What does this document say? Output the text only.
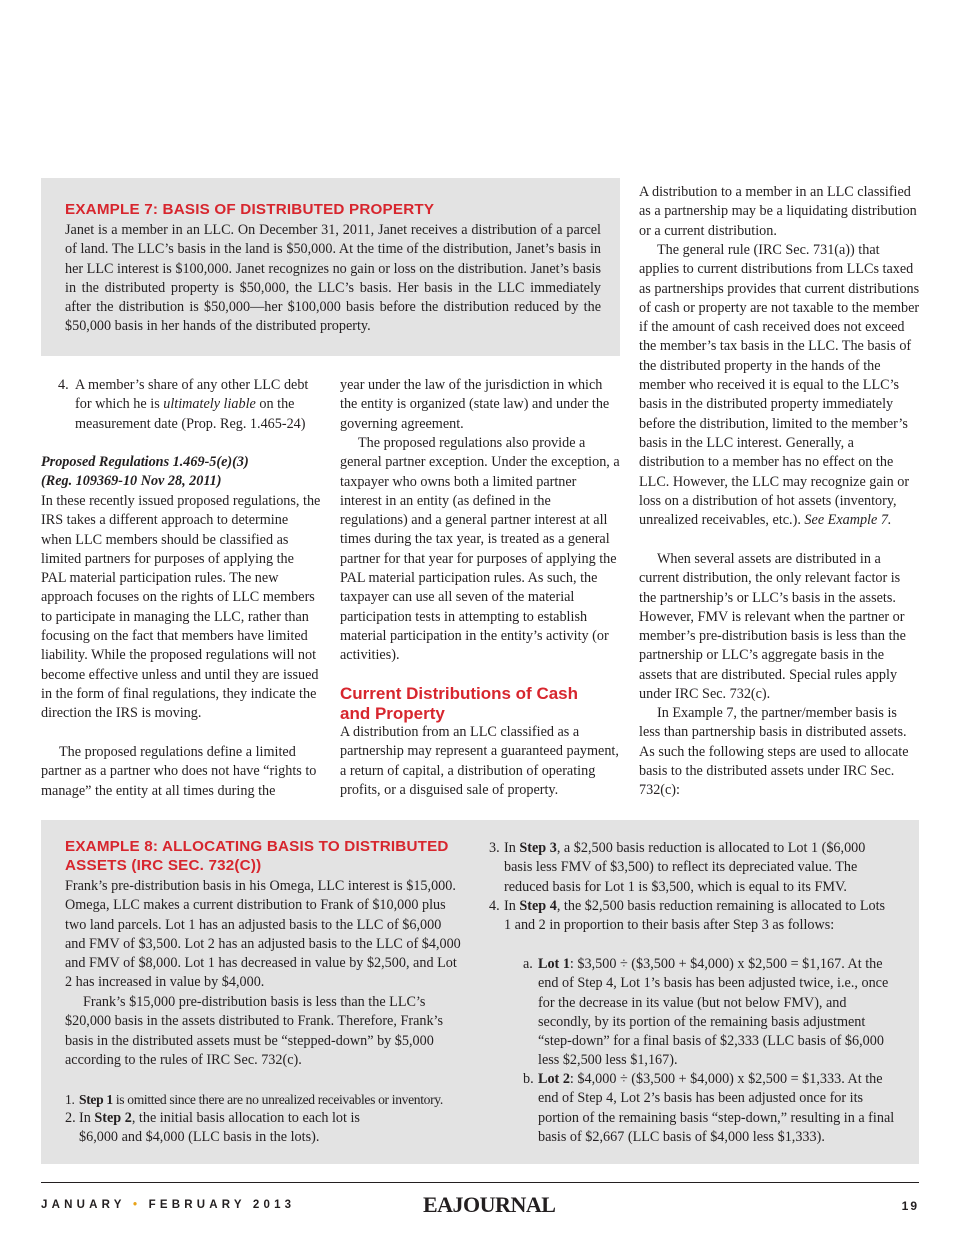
EXAMPLE 7: BASIS OF DISTRIBUTED PROPERTY

Janet is a member in an LLC. On December 31, 2011, Janet receives a distribution of a parcel of land. The LLC’s basis in the land is $50,000. At the time of the distribution, Janet’s basis in her LLC interest is $100,000. Janet recognizes no gain or loss on the distribution. Janet’s basis in the distributed property is $50,000, the LLC’s basis. Her basis in the LLC immediately after the distribution is $50,000—her $100,000 basis before the distribution reduced by the $50,000 basis in her hands of the distributed property.

4. A member’s share of any other LLC debt for which he is ultimately liable on the measurement date (Prop. Reg. 1.465-24)
Proposed Regulations 1.469-5(e)(3)
(Reg. 109369-10 Nov 28, 2011)

In these recently issued proposed regulations, the IRS takes a different approach to determine when LLC members should be classified as limited partners for purposes of applying the PAL material participation rules. The new approach focuses on the rights of LLC members to participate in managing the LLC, rather than focusing on the fact that members have limited liability. While the proposed regulations will not become effective unless and until they are issued in the form of final regulations, they indicate the direction the IRS is moving.

The proposed regulations define a limited partner as a partner who does not have “rights to manage” the entity at all times during the

year under the law of the jurisdiction in which the entity is organized (state law) and under the governing agreement.

The proposed regulations also provide a general partner exception. Under the exception, a taxpayer who owns both a limited partner interest in an entity (as defined in the regulations) and a general partner interest at all times during the tax year, is treated as a general partner for that year for purposes of applying the PAL material participation rules. As such, the taxpayer can use all seven of the material participation tests in attempting to establish material participation in the entity’s activity (or activities).

Current Distributions of Cash
and Property

A distribution from an LLC classified as a partnership may represent a guaranteed payment, a return of capital, a distribution of operating profits, or a disguised sale of property.

A distribution to a member in an LLC classified as a partnership may be a liquidating distribution or a current distribution.

The general rule (IRC Sec. 731(a)) that applies to current distributions from LLCs taxed as partnerships provides that current distributions of cash or property are not taxable to the member if the amount of cash received does not exceed the member’s tax basis in the LLC. The basis of the distributed property in the hands of the member who received it is equal to the LLC’s basis in the distributed property immediately before the distribution, limited to the member’s basis in the LLC interest. Generally, a distribution to a member has no effect on the LLC. However, the LLC may recognize gain or loss on a distribution of hot assets (inventory, unrealized receivables, etc.). See Example 7.

When several assets are distributed in a current distribution, the only relevant factor is the partnership’s or LLC’s basis in the assets. However, FMV is relevant when the partner or member’s pre-distribution basis is less than the partnership or LLC’s aggregate basis in the assets that are distributed. Special rules apply under IRC Sec. 732(c).

In Example 7, the partner/member basis is less than partnership basis in distributed assets. As such the following steps are used to allocate basis to the distributed assets under IRC Sec. 732(c):

EXAMPLE 8: ALLOCATING BASIS TO DISTRIBUTED
ASSETS (IRC SEC. 732(C))

Frank’s pre-distribution basis in his Omega, LLC interest is $15,000. Omega, LLC makes a current distribution to Frank of $10,000 plus two land parcels. Lot 1 has an adjusted basis to the LLC of $6,000 and FMV of $3,500. Lot 2 has an adjusted basis to the LLC of $4,000 and FMV of $8,000. Lot 1 has decreased in value by $2,500, and Lot 2 has increased in value by $4,000.

Frank’s $15,000 pre-distribution basis is less than the LLC’s $20,000 basis in the assets distributed to Frank. Therefore, Frank’s basis in the distributed assets must be “stepped-down” by $5,000 according to the rules of IRC Sec. 732(c).

1. Step 1 is omitted since there are no unrealized receivables or inventory.
2. In Step 2, the initial basis allocation to each lot is $6,000 and $4,000 (LLC basis in the lots).
3. In Step 3, a $2,500 basis reduction is allocated to Lot 1 ($6,000 basis less FMV of $3,500) to reflect its depreciated value. The reduced basis for Lot 1 is $3,500, which is equal to its FMV.
4. In Step 4, the $2,500 basis reduction remaining is allocated to Lots 1 and 2 in proportion to their basis after Step 3 as follows:
a. Lot 1: $3,500 ÷ ($3,500 + $4,000) x $2,500 = $1,167. At the end of Step 4, Lot 1’s basis has been adjusted twice, i.e., once for the decrease in its value (but not below FMV), and secondly, by its portion of the remaining basis adjustment “step-down” for a final basis of $2,333 (LLC basis of $6,000 less $2,500 less $1,167).
b. Lot 2: $4,000 ÷ ($3,500 + $4,000) x $2,500 = $1,333. At the end of Step 4, Lot 2’s basis has been adjusted once for its portion of the remaining basis “step-down,” resulting in a final basis of $2,667 (LLC basis of $4,000 less $1,333).
JANUARY • FEBRUARY 2013	EAJOURNAL	19
